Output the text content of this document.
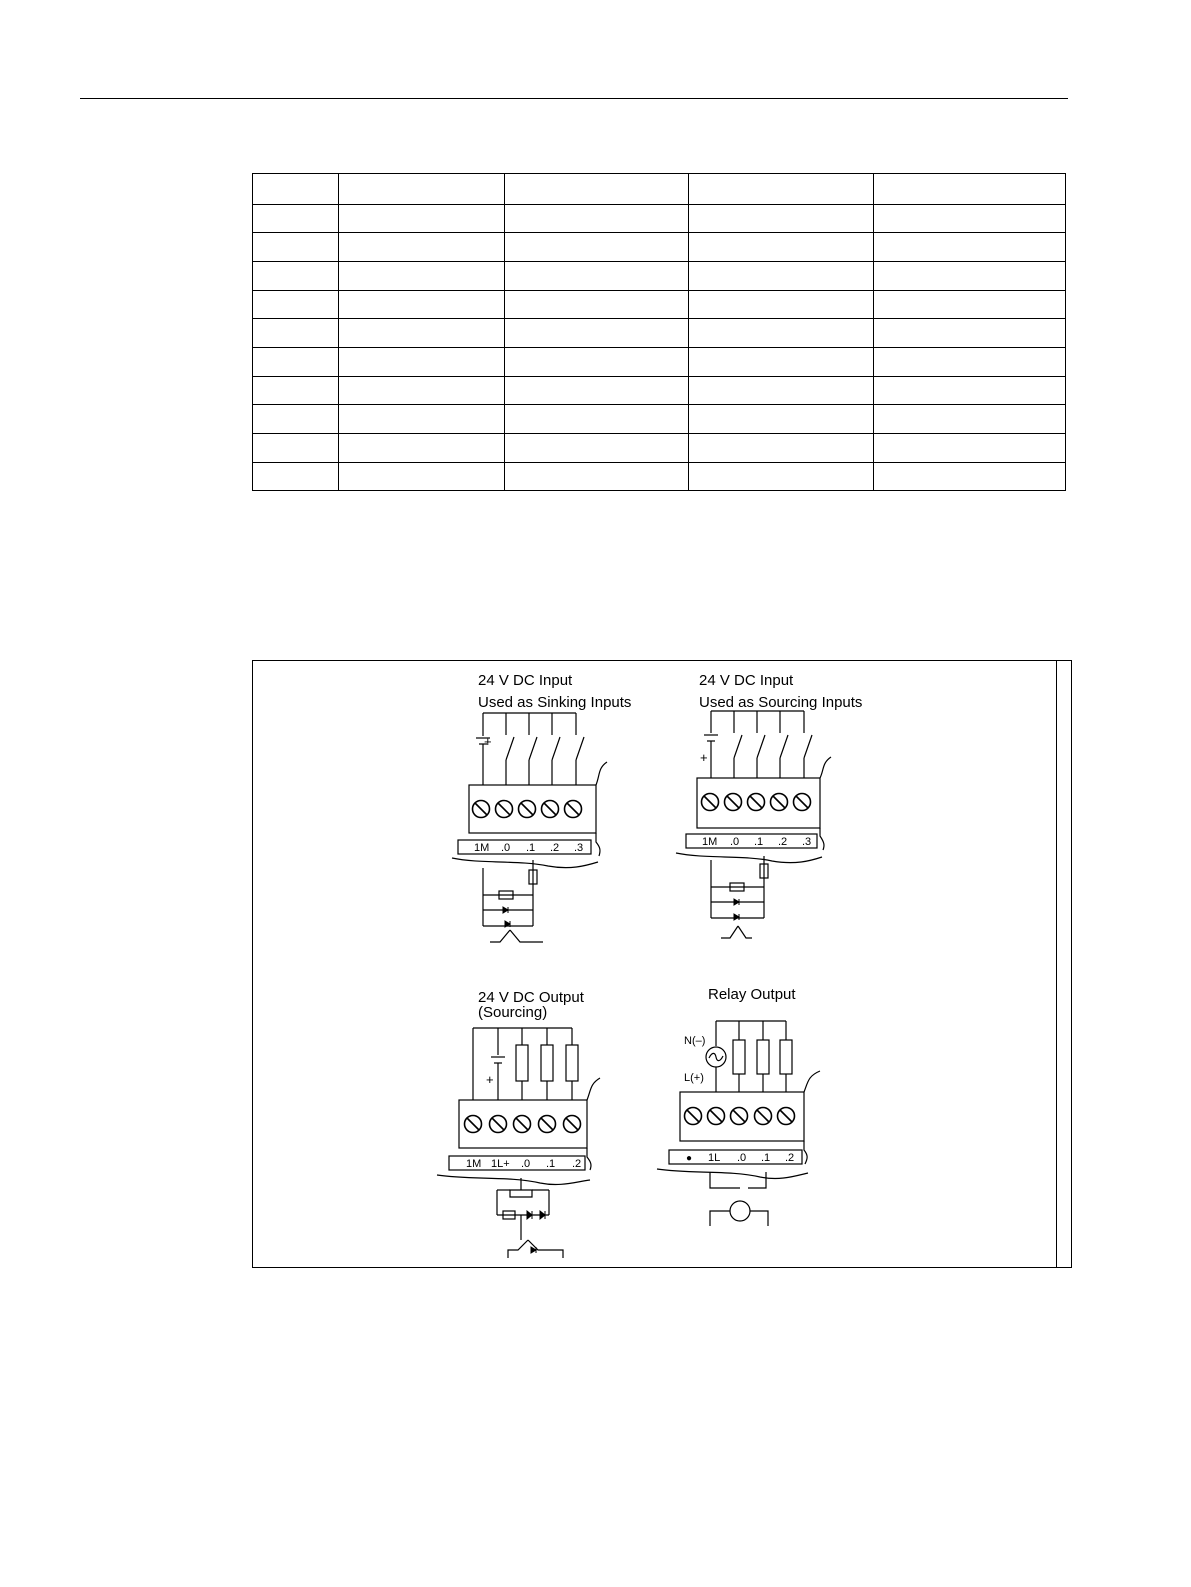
24 V DC Input
Used as Sinking Inputs
+
1M .0 .1 .2 .3
24 V DC Input
Used as Sourcing Inputs
+
1M .0 .1 .2 .3
24 V DC Output
(Sourcing)
+
1M 1L+ .0 .1 .2
Relay Output
N(–)
L(+)
● 1L .0 .1 .2
